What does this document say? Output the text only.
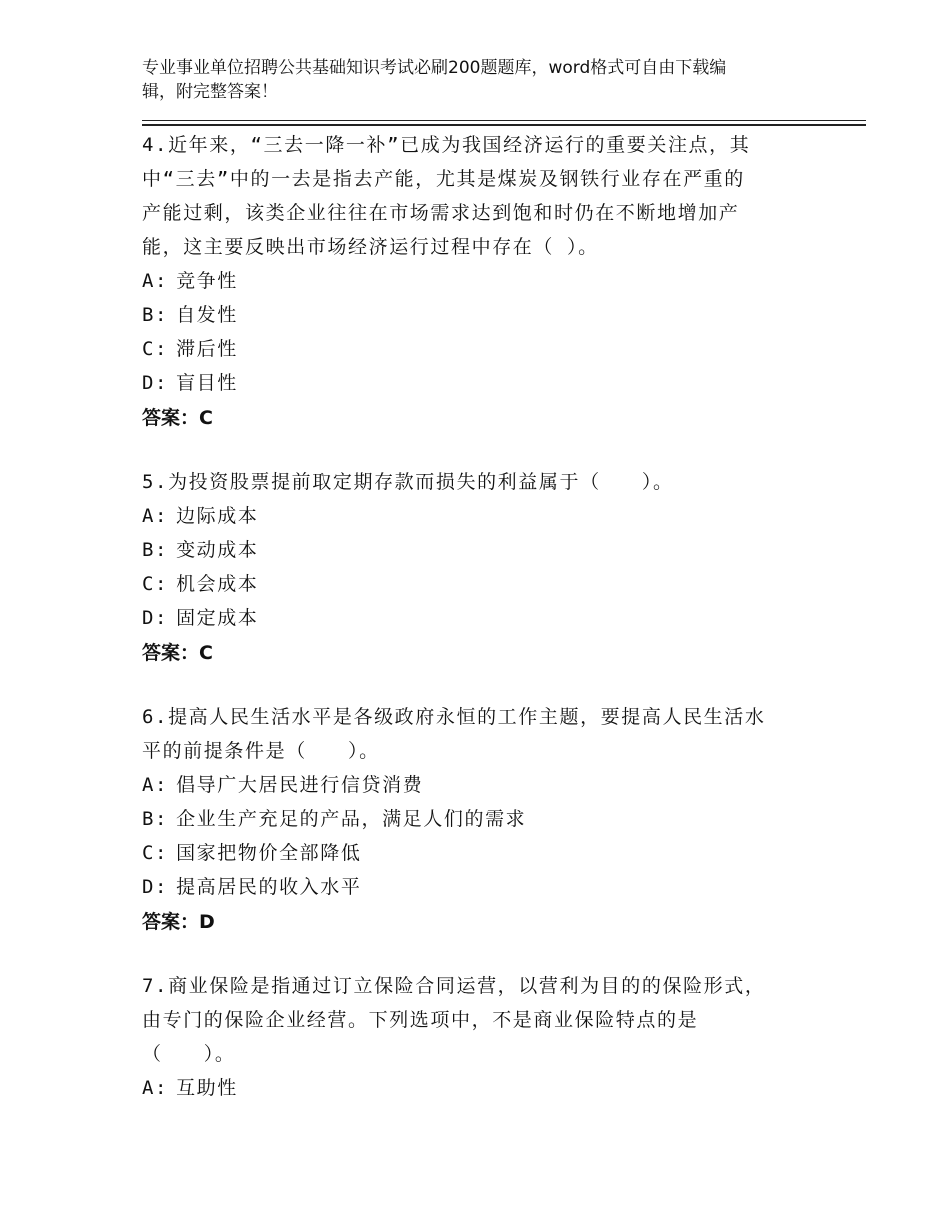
专业事业单位招聘公共基础知识考试必刷200题题库，word格式可自由下载编
辑，附完整答案！

4.近年来，“三去一降一补”已成为我国经济运行的重要关注点，其

中“三去”中的一去是指去产能，尤其是煤炭及钢铁行业存在严重的

产能过剩，该类企业往往在市场需求达到饱和时仍在不断地增加产

能，这主要反映出市场经济运行过程中存在（ ）。

A: 竞争性

B: 自发性

C: 滞后性

D: 盲目性

答案：C

5.为投资股票提前取定期存款而损失的利益属于（　　）。

A: 边际成本

B: 变动成本

C: 机会成本

D: 固定成本

答案：C

6.提高人民生活水平是各级政府永恒的工作主题，要提高人民生活水

平的前提条件是（　　）。

A: 倡导广大居民进行信贷消费

B: 企业生产充足的产品，满足人们的需求

C: 国家把物价全部降低

D: 提高居民的收入水平

答案：D

7.商业保险是指通过订立保险合同运营，以营利为目的的保险形式，

由专门的保险企业经营。下列选项中，不是商业保险特点的是

（　　）。

A: 互助性
